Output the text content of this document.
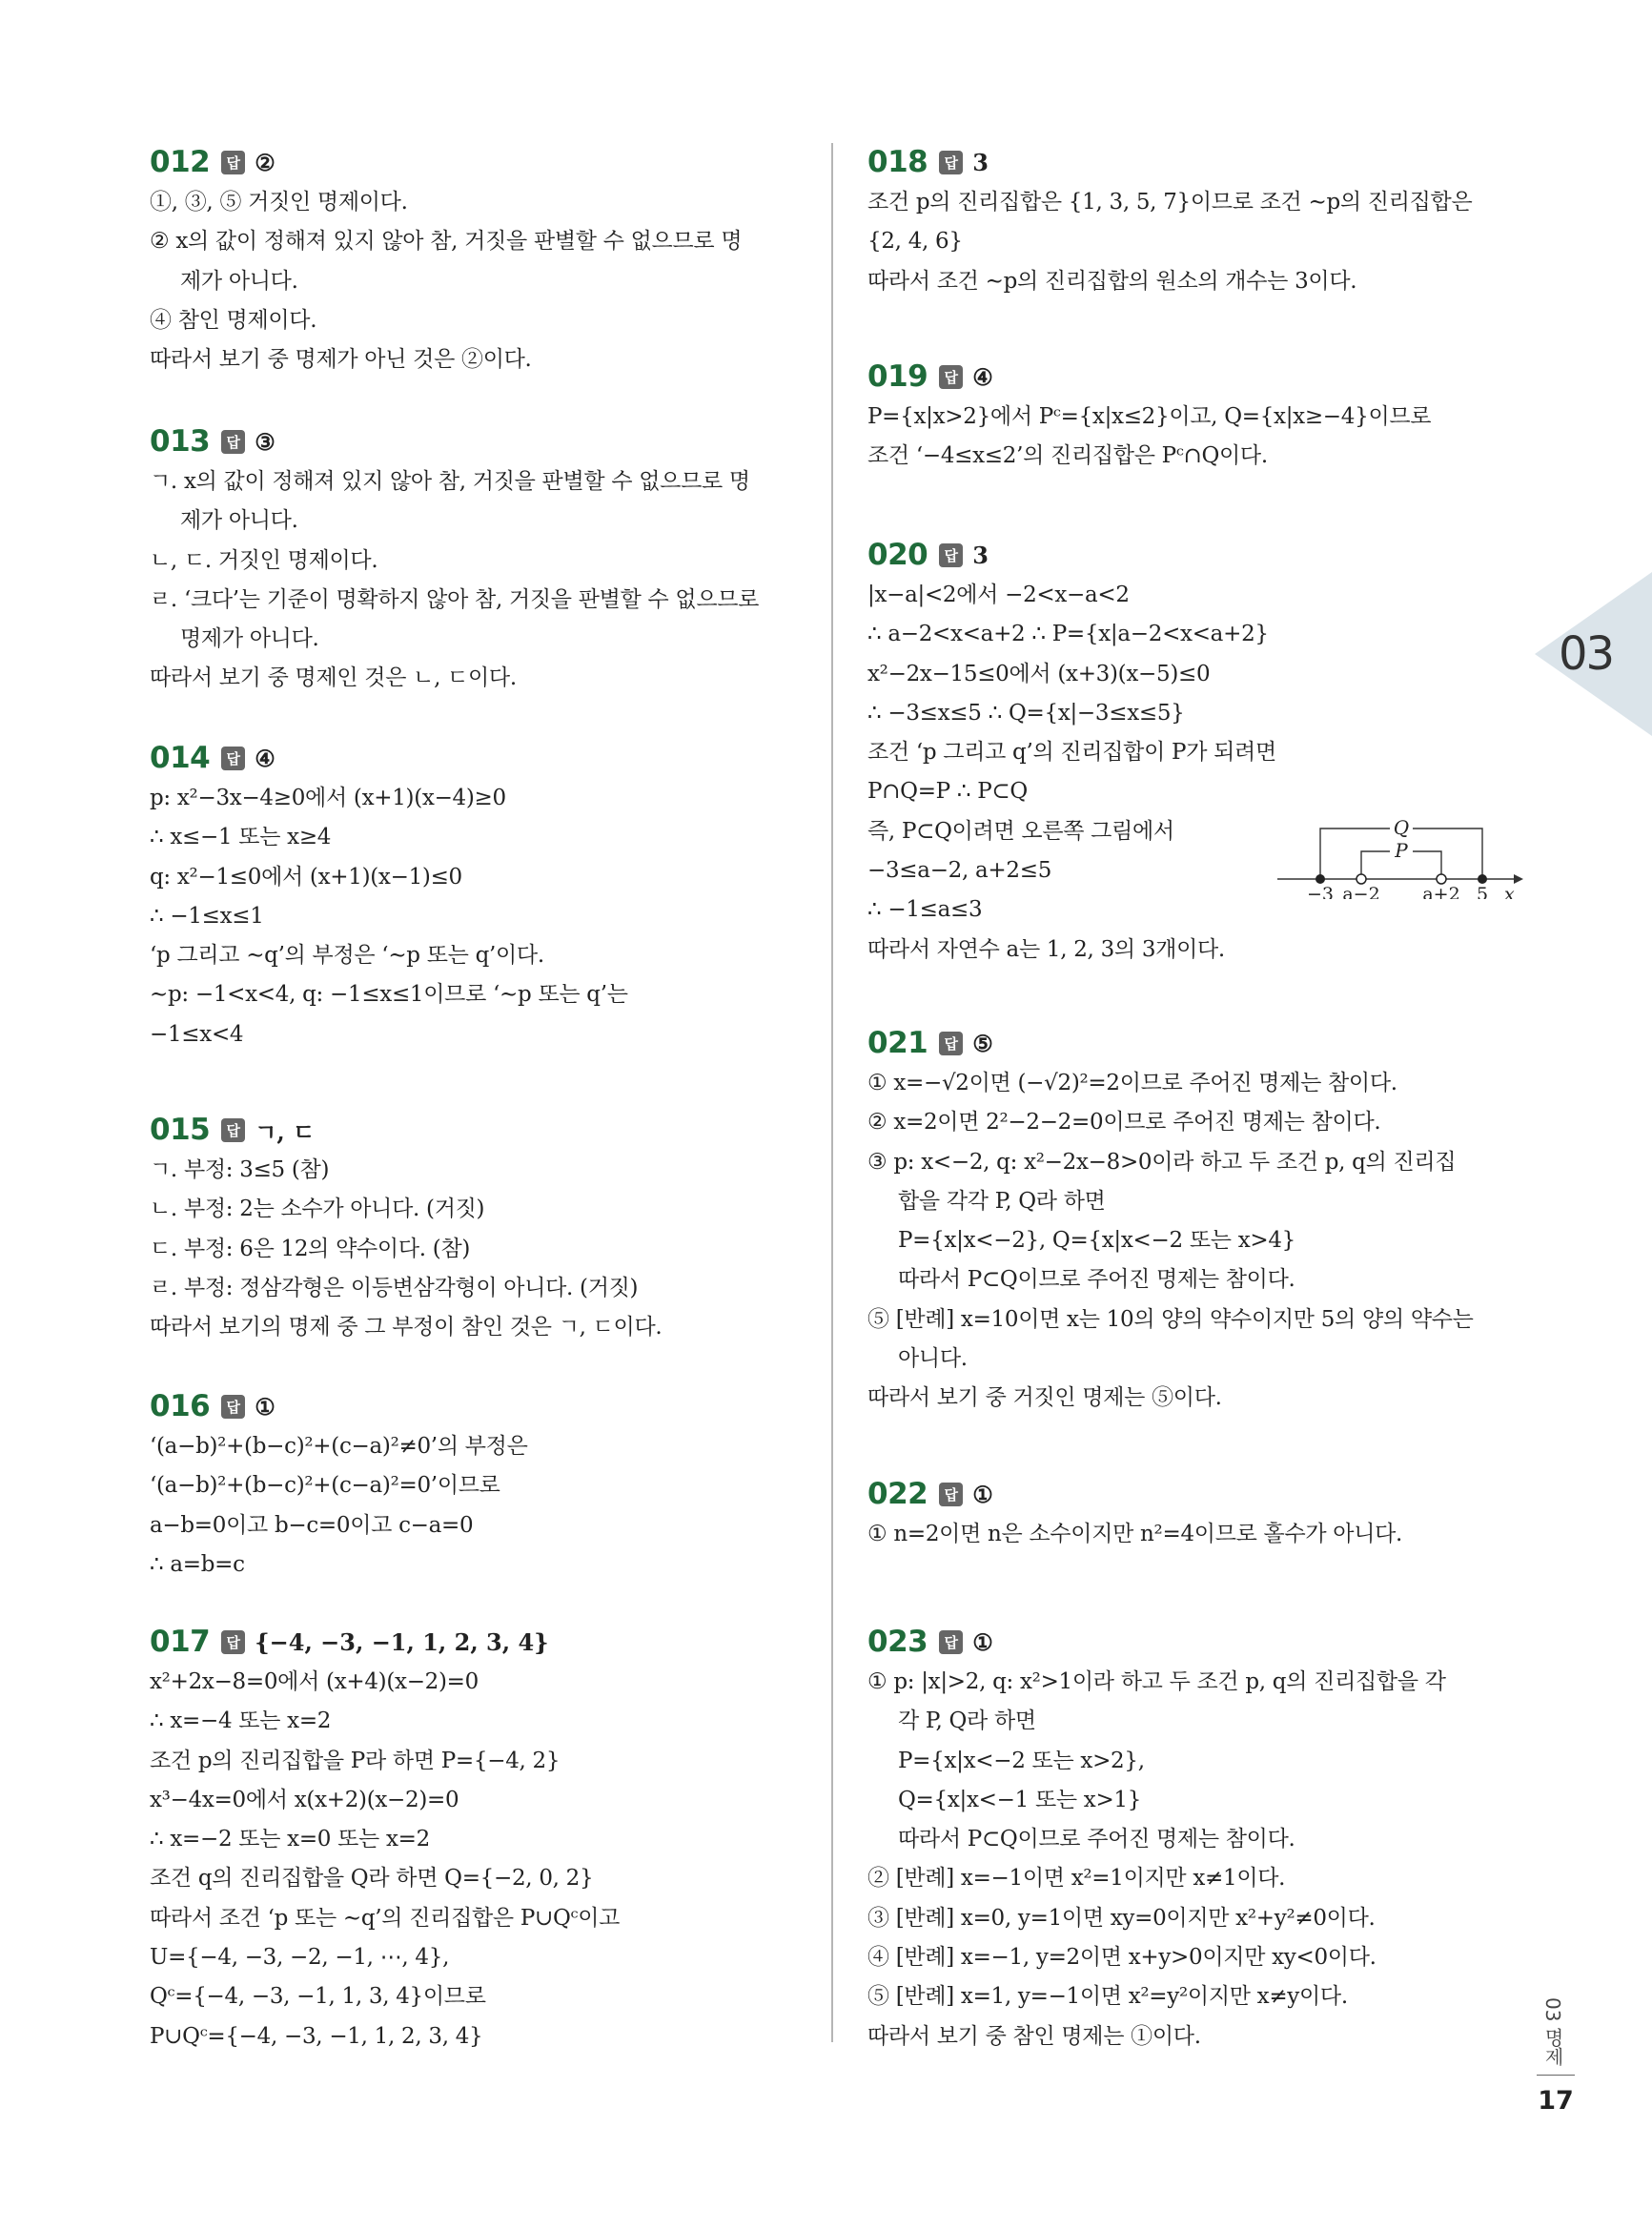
012	답 ②
①, ③, ⑤ 거짓인 명제이다.
② x의 값이 정해져 있지 않아 참, 거짓을 판별할 수 없으므로 명
제가 아니다.
④ 참인 명제이다.
따라서 보기 중 명제가 아닌 것은 ②이다.
013	답 ③
ㄱ. x의 값이 정해져 있지 않아 참, 거짓을 판별할 수 없으므로 명
제가 아니다.
ㄴ, ㄷ. 거짓인 명제이다.
ㄹ. ‘크다’는 기준이 명확하지 않아 참, 거짓을 판별할 수 없으므로
명제가 아니다.
따라서 보기 중 명제인 것은 ㄴ, ㄷ이다.
014	답 ④
p: x²−3x−4≥0에서 (x+1)(x−4)≥0
∴ x≤−1 또는 x≥4
q: x²−1≤0에서 (x+1)(x−1)≤0
∴ −1≤x≤1
‘p 그리고 ∼q’의 부정은 ‘∼p 또는 q’이다.
∼p: −1<x<4, q: −1≤x≤1이므로 ‘∼p 또는 q’는
−1≤x<4
015	답 ㄱ, ㄷ
ㄱ. 부정: 3≤5 (참)
ㄴ. 부정: 2는 소수가 아니다. (거짓)
ㄷ. 부정: 6은 12의 약수이다. (참)
ㄹ. 부정: 정삼각형은 이등변삼각형이 아니다. (거짓)
따라서 보기의 명제 중 그 부정이 참인 것은 ㄱ, ㄷ이다.
016	답 ①
‘(a−b)²+(b−c)²+(c−a)²≠0’의 부정은
‘(a−b)²+(b−c)²+(c−a)²=0’이므로
a−b=0이고 b−c=0이고 c−a=0
∴ a=b=c
017	답 {−4, −3, −1, 1, 2, 3, 4}
x²+2x−8=0에서 (x+4)(x−2)=0
∴ x=−4 또는 x=2
조건 p의 진리집합을 P라 하면 P={−4, 2}
x³−4x=0에서 x(x+2)(x−2)=0
∴ x=−2 또는 x=0 또는 x=2
조건 q의 진리집합을 Q라 하면 Q={−2, 0, 2}
따라서 조건 ‘p 또는 ∼q’의 진리집합은 P∪Qᶜ이고
U={−4, −3, −2, −1, ⋯, 4},
Qᶜ={−4, −3, −1, 1, 3, 4}이므로
P∪Qᶜ={−4, −3, −1, 1, 2, 3, 4}
018	답 3
조건 p의 진리집합은 {1, 3, 5, 7}이므로 조건 ∼p의 진리집합은
{2, 4, 6}
따라서 조건 ∼p의 진리집합의 원소의 개수는 3이다.
019	답 ④
P={x|x>2}에서 Pᶜ={x|x≤2}이고, Q={x|x≥−4}이므로
조건 ‘−4≤x≤2’의 진리집합은 Pᶜ∩Q이다.
020	답 3
|x−a|<2에서 −2<x−a<2
∴ a−2<x<a+2 ∴ P={x|a−2<x<a+2}
x²−2x−15≤0에서 (x+3)(x−5)≤0
∴ −3≤x≤5 ∴ Q={x|−3≤x≤5}
조건 ‘p 그리고 q’의 진리집합이 P가 되려면
P∩Q=P ∴ P⊂Q
즉, P⊂Q이려면 오른쪽 그림에서
−3≤a−2, a+2≤5
∴ −1≤a≤3
따라서 자연수 a는 1, 2, 3의 3개이다.
021	답 ⑤
① x=−√2이면 (−√2)²=2이므로 주어진 명제는 참이다.
② x=2이면 2²−2−2=0이므로 주어진 명제는 참이다.
③ p: x<−2, q: x²−2x−8>0이라 하고 두 조건 p, q의 진리집
합을 각각 P, Q라 하면
P={x|x<−2}, Q={x|x<−2 또는 x>4}
따라서 P⊂Q이므로 주어진 명제는 참이다.
⑤ [반례] x=10이면 x는 10의 양의 약수이지만 5의 양의 약수는
아니다.
따라서 보기 중 거짓인 명제는 ⑤이다.
022	답 ①
① n=2이면 n은 소수이지만 n²=4이므로 홀수가 아니다.
023	답 ①
① p: |x|>2, q: x²>1이라 하고 두 조건 p, q의 진리집합을 각
각 P, Q라 하면
P={x|x<−2 또는 x>2},
Q={x|x<−1 또는 x>1}
따라서 P⊂Q이므로 주어진 명제는 참이다.
② [반례] x=−1이면 x²=1이지만 x≠1이다.
③ [반례] x=0, y=1이면 xy=0이지만 x²+y²≠0이다.
④ [반례] x=−1, y=2이면 x+y>0이지만 xy<0이다.
⑤ [반례] x=1, y=−1이면 x²=y²이지만 x≠y이다.
따라서 보기 중 참인 명제는 ①이다.
Q
P
−3 a−2 a+2 5 x
03
03 명제
17
